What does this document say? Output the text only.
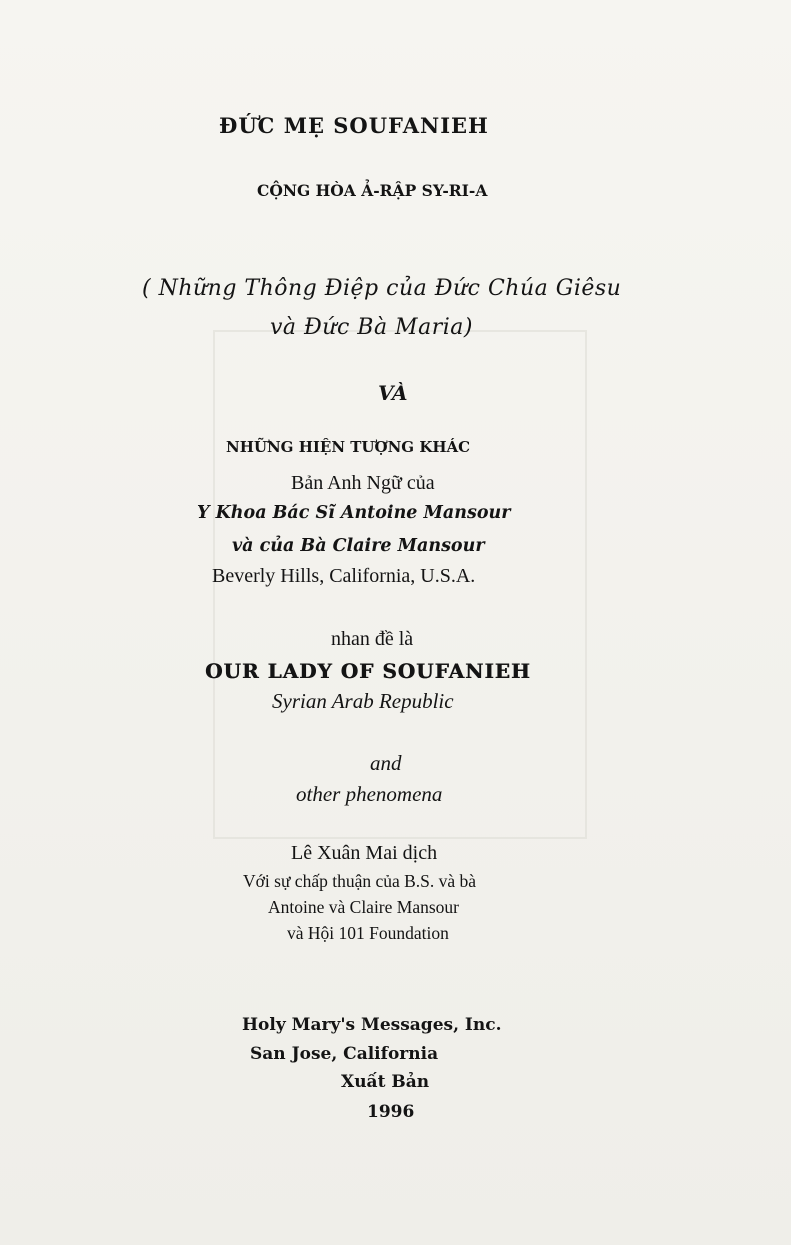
ĐỨC MẸ SOUFANIEH
CỘNG HÒA Ả-RẬP SY-RI-A
( Những Thông Điệp của Đức Chúa Giêsu
và Đức Bà Maria)
VÀ
NHỮNG HIỆN TƯỢNG KHÁC
Bản Anh Ngữ của
Y Khoa Bác Sĩ Antoine Mansour
và của Bà Claire Mansour
Beverly Hills, California, U.S.A.
nhan đề là
OUR LADY OF SOUFANIEH
Syrian Arab Republic
and
other phenomena
Lê Xuân Mai dịch
Với sự chấp thuận của B.S. và bà
Antoine và Claire Mansour
và Hội 101 Foundation
Holy Mary's Messages, Inc.
San Jose, California
Xuất Bản
1996
